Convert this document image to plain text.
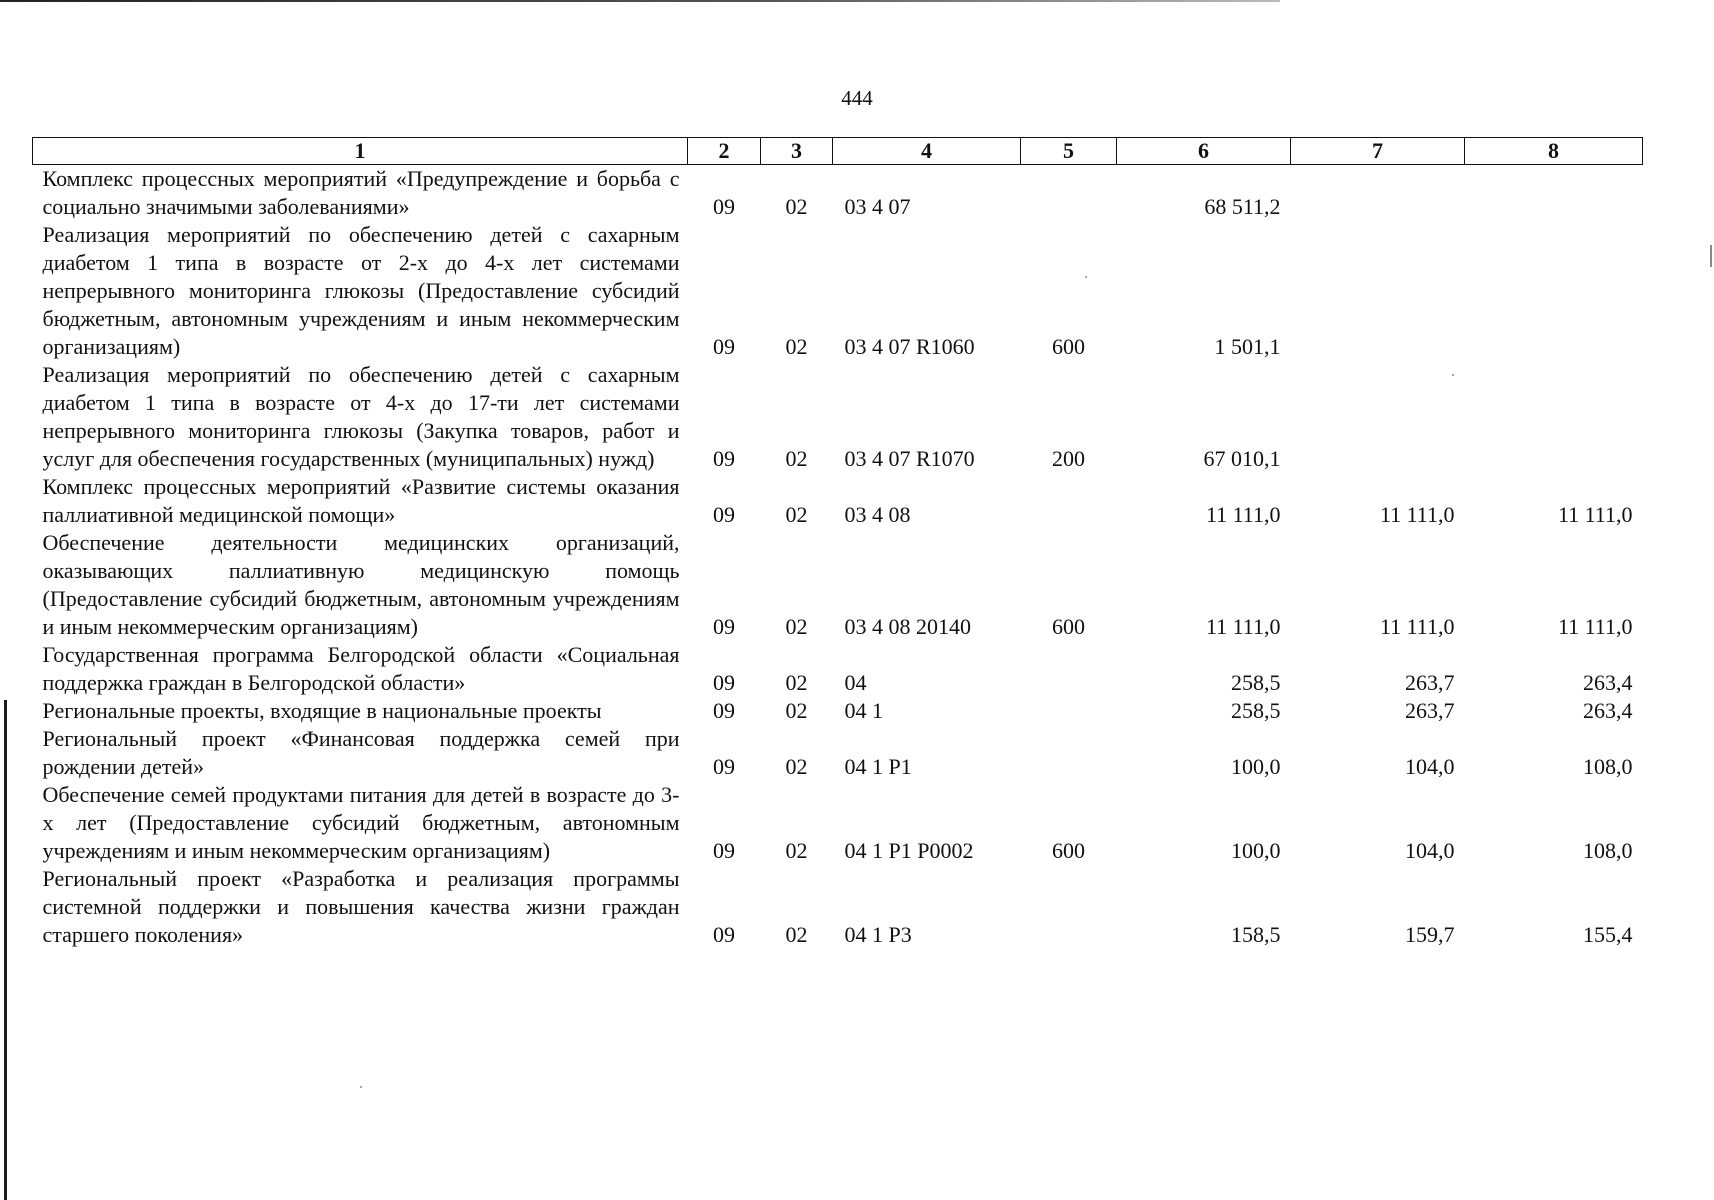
444
1	2	3	4	5	6	7	8
Комплекс процессных мероприятий «Предупреждение и борьба с социально значимыми заболеваниями»	09	02	03 4 07		68 511,2		
Реализация мероприятий по обеспечению детей с сахарным диабетом 1 типа в возрасте от 2-х до 4-х лет системами непрерывного мониторинга глюкозы (Предоставление субсидий бюджетным, автономным учреждениям и иным некоммерческим организациям)	09	02	03 4 07 R1060	600	1 501,1		
Реализация мероприятий по обеспечению детей с сахарным диабетом 1 типа в возрасте от 4-х до 17-ти лет системами непрерывного мониторинга глюкозы (Закупка товаров, работ и услуг для обеспечения государственных (муниципальных) нужд)	09	02	03 4 07 R1070	200	67 010,1		
Комплекс процессных мероприятий «Развитие системы оказания паллиативной медицинской помощи»	09	02	03 4 08		11 111,0	11 111,0	11 111,0
Обеспечение деятельности медицинских организаций, оказывающих паллиативную медицинскую помощь (Предоставление субсидий бюджетным, автономным учреждениям и иным некоммерческим организациям)	09	02	03 4 08 20140	600	11 111,0	11 111,0	11 111,0
Государственная программа Белгородской области «Социальная поддержка граждан в Белгородской области»	09	02	04		258,5	263,7	263,4
Региональные проекты, входящие в национальные проекты	09	02	04 1		258,5	263,7	263,4
Региональный проект «Финансовая поддержка семей при рождении детей»	09	02	04 1 P1		100,0	104,0	108,0
Обеспечение семей продуктами питания для детей в возрасте до 3-х лет (Предоставление субсидий бюджетным, автономным учреждениям и иным некоммерческим организациям)	09	02	04 1 P1 P0002	600	100,0	104,0	108,0
Региональный проект «Разработка и реализация программы системной поддержки и повышения качества жизни граждан старшего поколения»	09	02	04 1 P3		158,5	159,7	155,4
